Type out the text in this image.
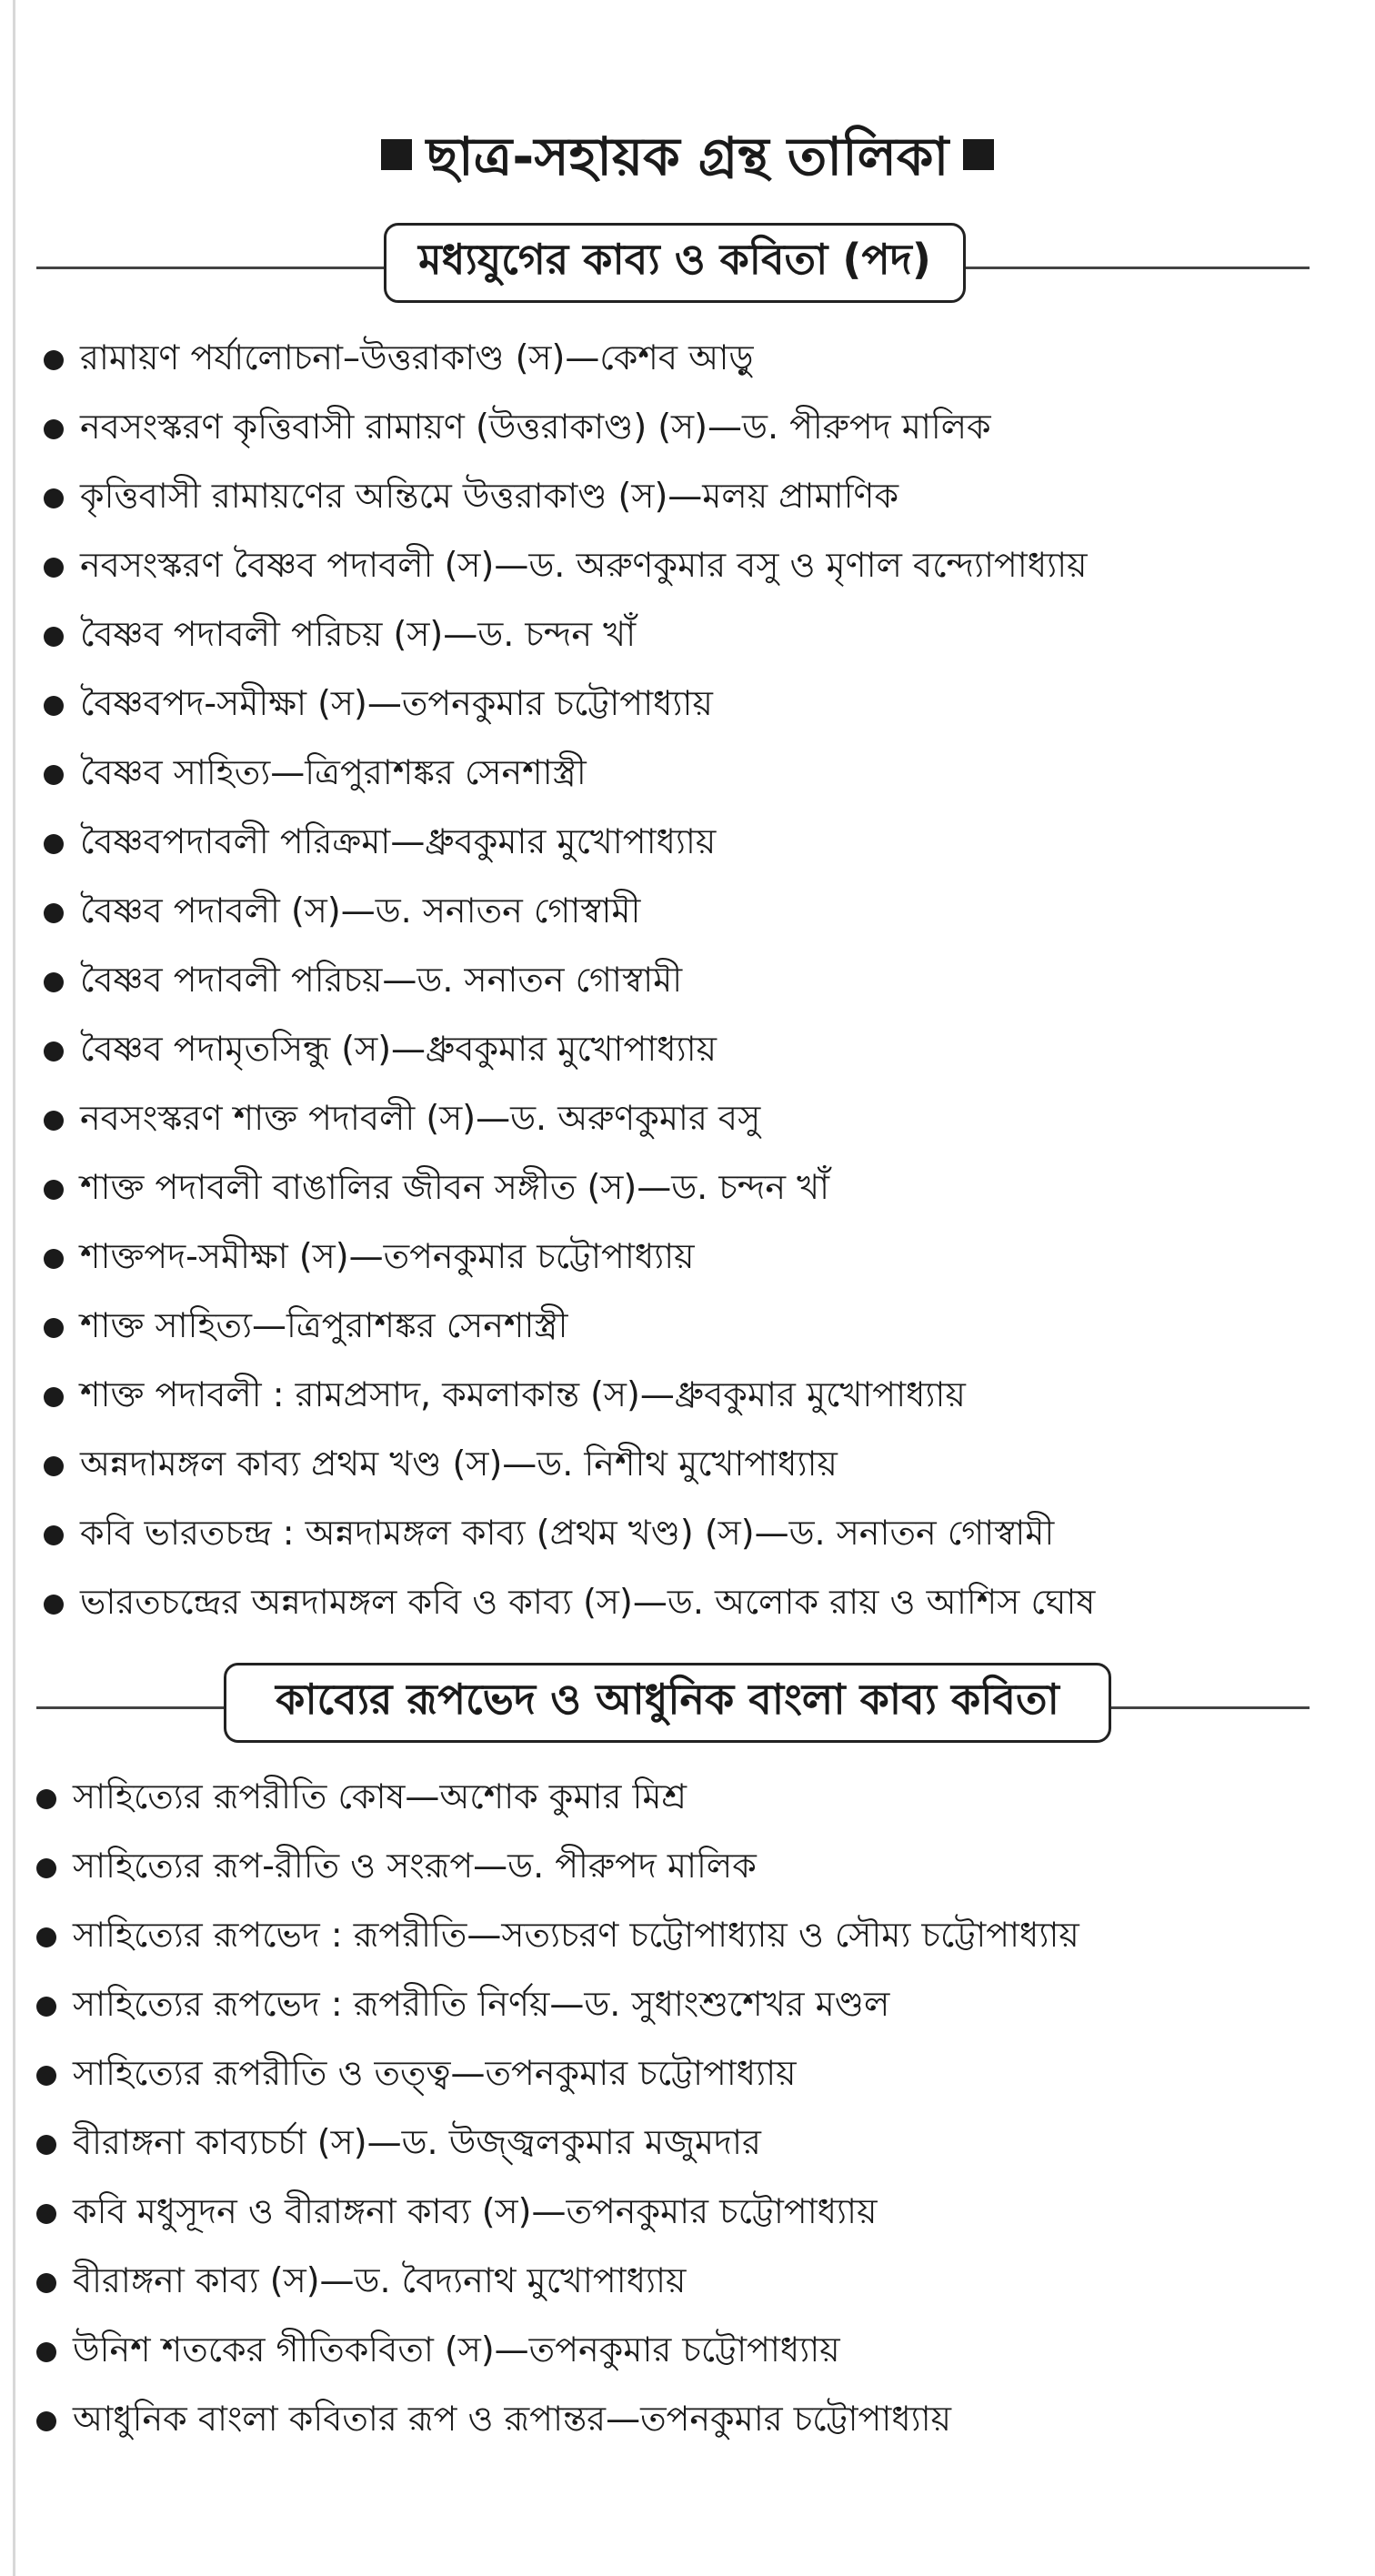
ছাত্র-সহায়ক গ্রন্থ তালিকা
মধ্যযুগের কাব্য ও কবিতা (পদ)
রামায়ণ পর্যালোচনা–উত্তরাকাণ্ড (স)—কেশব আড়ু
নবসংস্করণ কৃত্তিবাসী রামায়ণ (উত্তরাকাণ্ড) (স)—ড. পীরুপদ মালিক
কৃত্তিবাসী রামায়ণের অন্তিমে উত্তরাকাণ্ড (স)—মলয় প্রামাণিক
নবসংস্করণ বৈষ্ণব পদাবলী (স)—ড. অরুণকুমার বসু ও মৃণাল বন্দ্যোপাধ্যায়
বৈষ্ণব পদাবলী পরিচয় (স)—ড. চন্দন খাঁ
বৈষ্ণবপদ-সমীক্ষা (স)—তপনকুমার চট্টোপাধ্যায়
বৈষ্ণব সাহিত্য—ত্রিপুরাশঙ্কর সেনশাস্ত্রী
বৈষ্ণবপদাবলী পরিক্রমা—ধ্রুবকুমার মুখোপাধ্যায়
বৈষ্ণব পদাবলী (স)—ড. সনাতন গোস্বামী
বৈষ্ণব পদাবলী পরিচয়—ড. সনাতন গোস্বামী
বৈষ্ণব পদামৃতসিন্ধু (স)—ধ্রুবকুমার মুখোপাধ্যায়
নবসংস্করণ শাক্ত পদাবলী (স)—ড. অরুণকুমার বসু
শাক্ত পদাবলী বাঙালির জীবন সঙ্গীত (স)—ড. চন্দন খাঁ
শাক্তপদ-সমীক্ষা (স)—তপনকুমার চট্টোপাধ্যায়
শাক্ত সাহিত্য—ত্রিপুরাশঙ্কর সেনশাস্ত্রী
শাক্ত পদাবলী : রামপ্রসাদ, কমলাকান্ত (স)—ধ্রুবকুমার মুখোপাধ্যায়
অন্নদামঙ্গল কাব্য প্রথম খণ্ড (স)—ড. নিশীথ মুখোপাধ্যায়
কবি ভারতচন্দ্র : অন্নদামঙ্গল কাব্য (প্রথম খণ্ড) (স)—ড. সনাতন গোস্বামী
ভারতচন্দ্রের অন্নদামঙ্গল কবি ও কাব্য (স)—ড. অলোক রায় ও আশিস ঘোষ
কাব্যের রূপভেদ ও আধুনিক বাংলা কাব্য কবিতা
সাহিত্যের রূপরীতি কোষ—অশোক কুমার মিশ্র
সাহিত্যের রূপ-রীতি ও সংরূপ—ড. পীরুপদ মালিক
সাহিত্যের রূপভেদ : রূপরীতি—সত্যচরণ চট্টোপাধ্যায় ও সৌম্য চট্টোপাধ্যায়
সাহিত্যের রূপভেদ : রূপরীতি নির্ণয়—ড. সুধাংশুশেখর মণ্ডল
সাহিত্যের রূপরীতি ও তত্ত্ব—তপনকুমার চট্টোপাধ্যায়
বীরাঙ্গনা কাব্যচর্চা (স)—ড. উজ্জ্বলকুমার মজুমদার
কবি মধুসূদন ও বীরাঙ্গনা কাব্য (স)—তপনকুমার চট্টোপাধ্যায়
বীরাঙ্গনা কাব্য (স)—ড. বৈদ্যনাথ মুখোপাধ্যায়
উনিশ শতকের গীতিকবিতা (স)—তপনকুমার চট্টোপাধ্যায়
আধুনিক বাংলা কবিতার রূপ ও রূপান্তর—তপনকুমার চট্টোপাধ্যায়
